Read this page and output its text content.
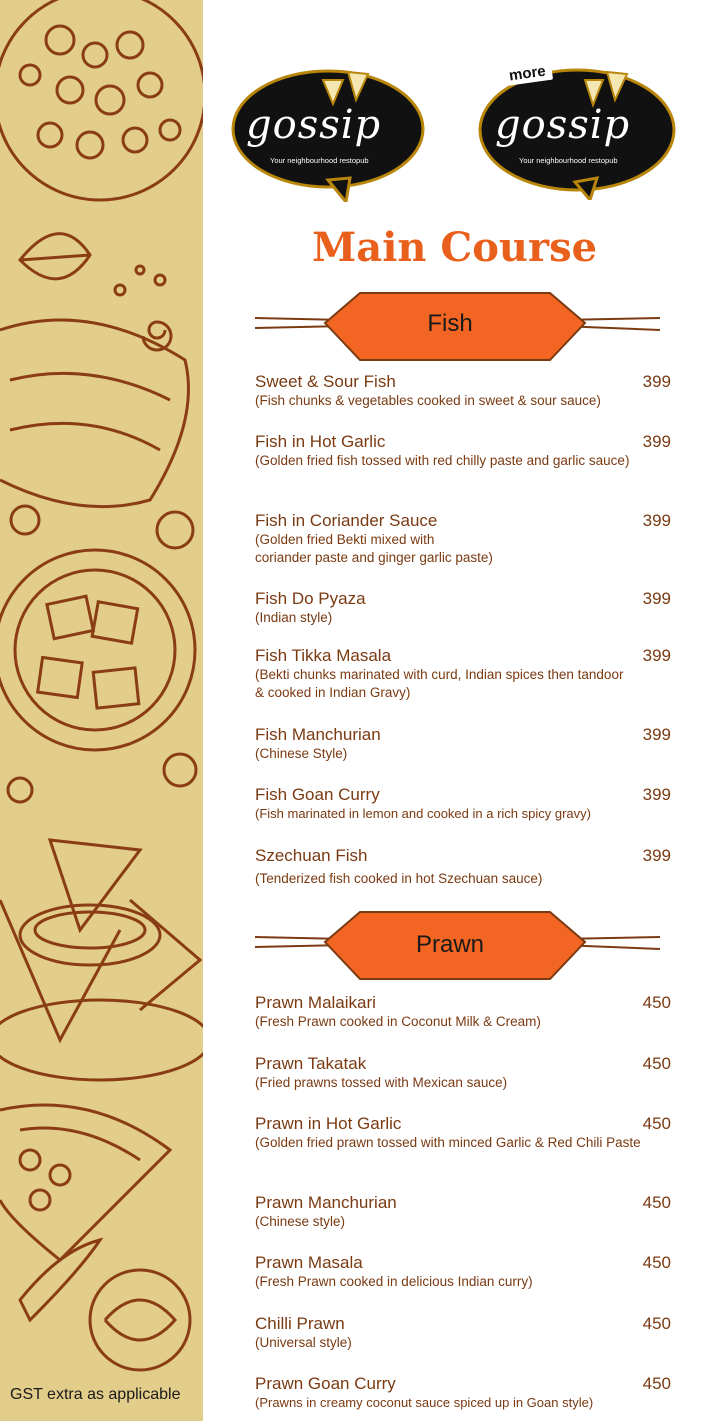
GST extra as applicable
gossip
Your neighbourhood restopub
more
gossip
Your neighbourhood restopub
Main Course
Fish
Sweet & Sour Fish	399
(Fish chunks & vegetables cooked in sweet & sour sauce)
Fish in Hot Garlic	399
(Golden fried fish tossed with red chilly paste and garlic sauce)
Fish in Coriander Sauce	399
(Golden fried Bekti mixed with
coriander paste and ginger garlic paste)
Fish Do Pyaza	399
(Indian style)
Fish Tikka Masala	399
(Bekti chunks marinated with curd, Indian spices then tandoor & cooked in Indian Gravy)
Fish Manchurian	399
(Chinese Style)
Fish Goan Curry	399
(Fish marinated in lemon and cooked in a rich spicy gravy)
Szechuan Fish	399
(Tenderized fish cooked in hot Szechuan sauce)
Prawn
Prawn Malaikari	450
(Fresh Prawn cooked in Coconut Milk & Cream)
Prawn Takatak	450
(Fried prawns tossed with Mexican sauce)
Prawn in Hot Garlic	450
(Golden fried prawn tossed with minced Garlic & Red Chili Paste
Prawn Manchurian	450
(Chinese style)
Prawn Masala	450
(Fresh Prawn cooked in delicious Indian curry)
Chilli Prawn	450
(Universal style)
Prawn Goan Curry	450
(Prawns in creamy coconut sauce spiced up in Goan style)
